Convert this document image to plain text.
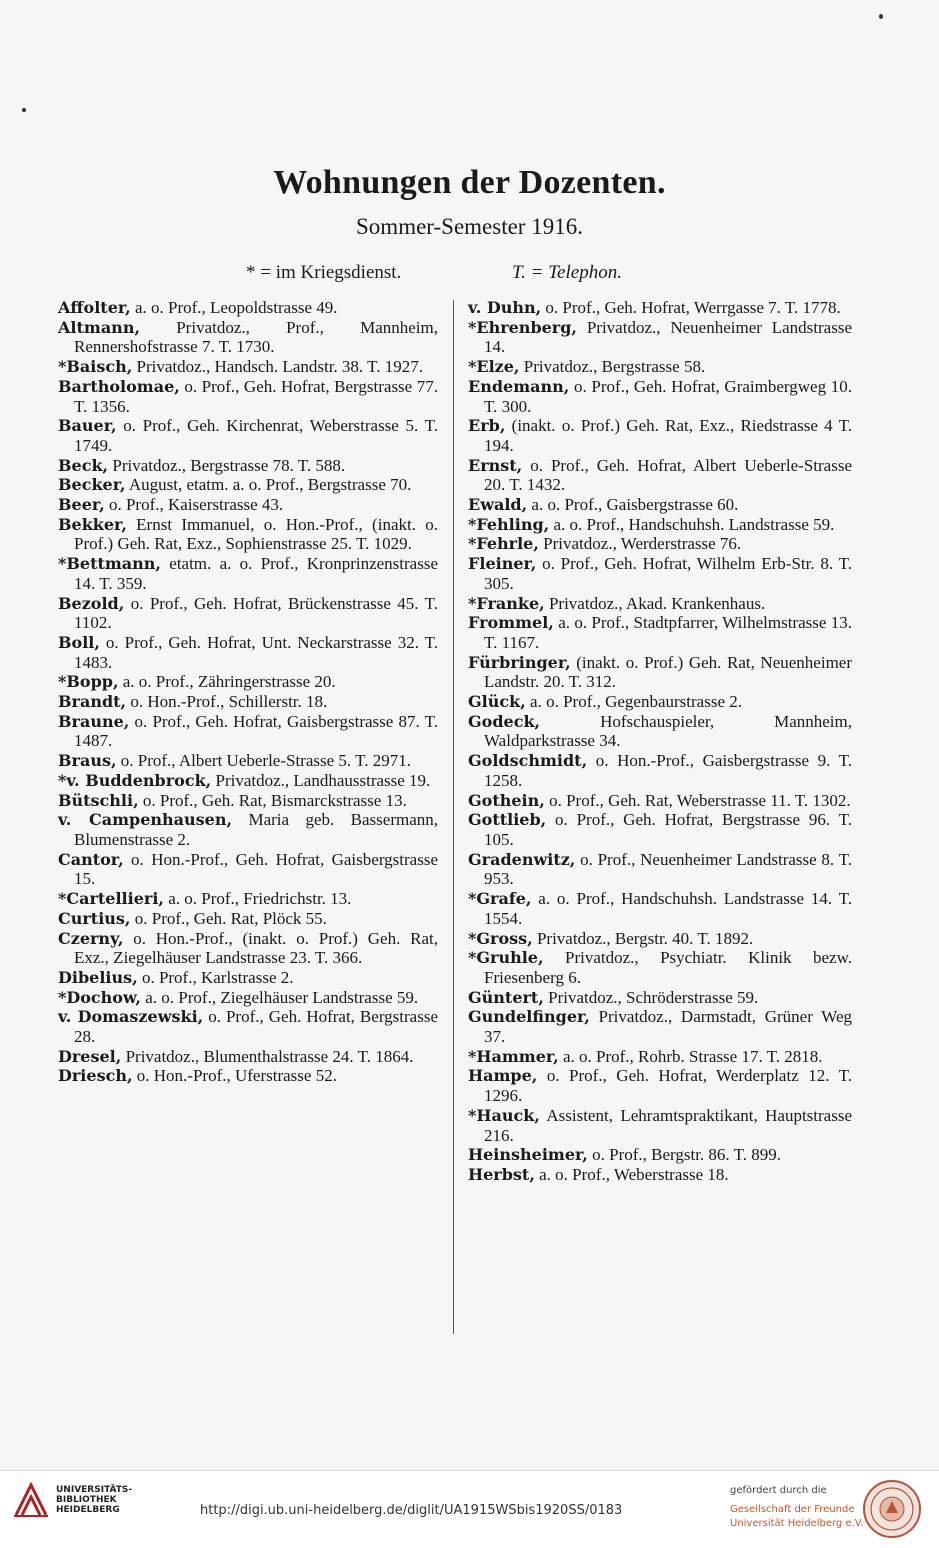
Wohnungen der Dozenten.
Sommer-Semester 1916.
* = im Kriegsdienst.	T. = Telephon.
Affolter, a. o. Prof., Leopoldstrasse 49.
Altmann, Privatdoz., Prof., Mannheim, Rennershofstrasse 7. T. 1730.
*Baisch, Privatdoz., Handsch. Landstr. 38. T. 1927.
Bartholomae, o. Prof., Geh. Hofrat, Bergstrasse 77. T. 1356.
Bauer, o. Prof., Geh. Kirchenrat, Weberstrasse 5. T. 1749.
Beck, Privatdoz., Bergstrasse 78. T. 588.
Becker, August, etatm. a. o. Prof., Bergstrasse 70.
Beer, o. Prof., Kaiserstrasse 43.
Bekker, Ernst Immanuel, o. Hon.-Prof., (inakt. o. Prof.) Geh. Rat, Exz., Sophienstrasse 25. T. 1029.
*Bettmann, etatm. a. o. Prof., Kronprinzenstrasse 14. T. 359.
Bezold, o. Prof., Geh. Hofrat, Brückenstrasse 45. T. 1102.
Boll, o. Prof., Geh. Hofrat, Unt. Neckarstrasse 32. T. 1483.
*Bopp, a. o. Prof., Zähringerstrasse 20.
Brandt, o. Hon.-Prof., Schillerstr. 18.
Braune, o. Prof., Geh. Hofrat, Gaisbergstrasse 87. T. 1487.
Braus, o. Prof., Albert Ueberle-Strasse 5. T. 2971.
*v. Buddenbrock, Privatdoz., Landhausstrasse 19.
Bütschli, o. Prof., Geh. Rat, Bismarckstrasse 13.
v. Campenhausen, Maria geb. Bassermann, Blumenstrasse 2.
Cantor, o. Hon.-Prof., Geh. Hofrat, Gaisbergstrasse 15.
*Cartellieri, a. o. Prof., Friedrichstr. 13.
Curtius, o. Prof., Geh. Rat, Plöck 55.
Czerny, o. Hon.-Prof., (inakt. o. Prof.) Geh. Rat, Exz., Ziegelhäuser Landstrasse 23. T. 366.
Dibelius, o. Prof., Karlstrasse 2.
*Dochow, a. o. Prof., Ziegelhäuser Landstrasse 59.
v. Domaszewski, o. Prof., Geh. Hofrat, Bergstrasse 28.
Dresel, Privatdoz., Blumenthalstrasse 24. T. 1864.
Driesch, o. Hon.-Prof., Uferstrasse 52.
v. Duhn, o. Prof., Geh. Hofrat, Werrgasse 7. T. 1778.
*Ehrenberg, Privatdoz., Neuenheimer Landstrasse 14.
*Elze, Privatdoz., Bergstrasse 58.
Endemann, o. Prof., Geh. Hofrat, Graimbergweg 10. T. 300.
Erb, (inakt. o. Prof.) Geh. Rat, Exz., Riedstrasse 4 T. 194.
Ernst, o. Prof., Geh. Hofrat, Albert Ueberle-Strasse 20. T. 1432.
Ewald, a. o. Prof., Gaisbergstrasse 60.
*Fehling, a. o. Prof., Handschuhsh. Landstrasse 59.
*Fehrle, Privatdoz., Werderstrasse 76.
Fleiner, o. Prof., Geh. Hofrat, Wilhelm Erb-Str. 8. T. 305.
*Franke, Privatdoz., Akad. Krankenhaus.
Frommel, a. o. Prof., Stadtpfarrer, Wilhelmstrasse 13. T. 1167.
Fürbringer, (inakt. o. Prof.) Geh. Rat, Neuenheimer Landstr. 20. T. 312.
Glück, a. o. Prof., Gegenbaurstrasse 2.
Godeck, Hofschauspieler, Mannheim, Waldparkstrasse 34.
Goldschmidt, o. Hon.-Prof., Gaisbergstrasse 9. T. 1258.
Gothein, o. Prof., Geh. Rat, Weberstrasse 11. T. 1302.
Gottlieb, o. Prof., Geh. Hofrat, Bergstrasse 96. T. 105.
Gradenwitz, o. Prof., Neuenheimer Landstrasse 8. T. 953.
*Grafe, a. o. Prof., Handschuhsh. Landstrasse 14. T. 1554.
*Gross, Privatdoz., Bergstr. 40. T. 1892.
*Gruhle, Privatdoz., Psychiatr. Klinik bezw. Friesenberg 6.
Güntert, Privatdoz., Schröderstrasse 59.
Gundelfinger, Privatdoz., Darmstadt, Grüner Weg 37.
*Hammer, a. o. Prof., Rohrb. Strasse 17. T. 2818.
Hampe, o. Prof., Geh. Hofrat, Werderplatz 12. T. 1296.
*Hauck, Assistent, Lehramtspraktikant, Hauptstrasse 216.
Heinsheimer, o. Prof., Bergstr. 86. T. 899.
Herbst, a. o. Prof., Weberstrasse 18.
UNIVERSITÄTS-
BIBLIOTHEK
HEIDELBERG	http://digi.ub.uni-heidelberg.de/diglit/UA1915WSbis1920SS/0183
gefördert durch die
Gesellschaft der Freunde
Universität Heidelberg e.V.
